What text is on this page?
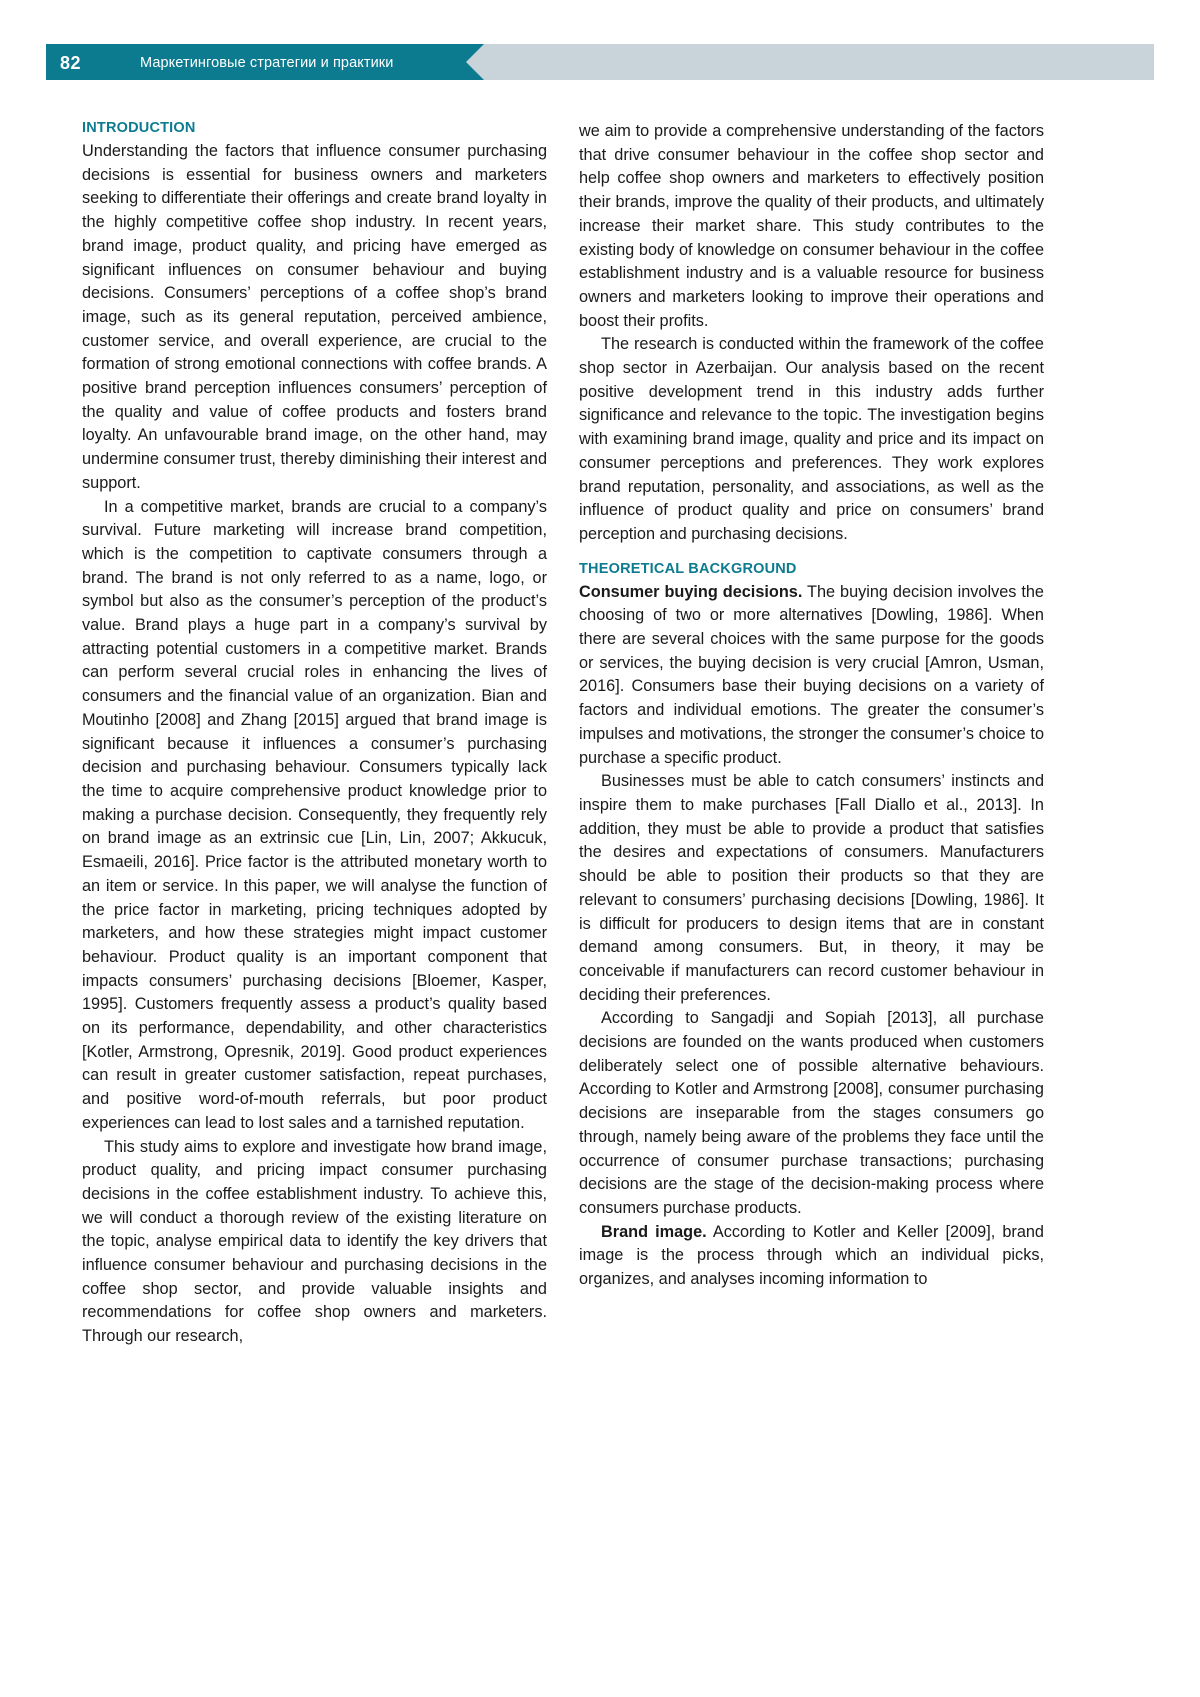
82	Маркетинговые стратегии и практики
INTRODUCTION

Understanding the factors that influence consumer purchasing decisions is essential for business owners and marketers seeking to differentiate their offerings and create brand loyalty in the highly competitive coffee shop industry. In recent years, brand image, product quality, and pricing have emerged as significant influences on consumer behaviour and buying decisions. Consumers’ perceptions of a coffee shop’s brand image, such as its general reputation, perceived ambience, customer service, and overall experience, are crucial to the formation of strong emotional connections with coffee brands. A positive brand perception influences consumers’ perception of the quality and value of coffee products and fosters brand loyalty. An unfavourable brand image, on the other hand, may undermine consumer trust, thereby diminishing their interest and support.

In a competitive market, brands are crucial to a company’s survival. Future marketing will increase brand competition, which is the competition to captivate consumers through a brand. The brand is not only referred to as a name, logo, or symbol but also as the consumer’s perception of the product’s value. Brand plays a huge part in a company’s survival by attracting potential customers in a competitive market. Brands can perform several crucial roles in enhancing the lives of consumers and the financial value of an organization. Bian and Moutinho [2008] and Zhang [2015] argued that brand image is significant because it influences a consumer’s purchasing decision and purchasing behaviour. Consumers typically lack the time to acquire comprehensive product knowledge prior to making a purchase decision. Consequently, they frequently rely on brand image as an extrinsic cue [Lin, Lin, 2007; Akkucuk, Esmaeili, 2016]. Price factor is the attributed monetary worth to an item or service. In this paper, we will analyse the function of the price factor in marketing, pricing techniques adopted by marketers, and how these strategies might impact customer behaviour. Product quality is an important component that impacts consumers’ purchasing decisions [Bloemer, Kasper, 1995]. Customers frequently assess a product’s quality based on its performance, dependability, and other characteristics [Kotler, Armstrong, Opresnik, 2019]. Good product experiences can result in greater customer satisfaction, repeat purchases, and positive word-of-mouth referrals, but poor product experiences can lead to lost sales and a tarnished reputation.

This study aims to explore and investigate how brand image, product quality, and pricing impact consumer purchasing decisions in the coffee establishment industry. To achieve this, we will conduct a thorough review of the existing literature on the topic, analyse empirical data to identify the key drivers that influence consumer behaviour and purchasing decisions in the coffee shop sector, and provide valuable insights and recommendations for coffee shop owners and marketers. Through our research,

we aim to provide a comprehensive understanding of the factors that drive consumer behaviour in the coffee shop sector and help coffee shop owners and marketers to effectively position their brands, improve the quality of their products, and ultimately increase their market share. This study contributes to the existing body of knowledge on consumer behaviour in the coffee establishment industry and is a valuable resource for business owners and marketers looking to improve their operations and boost their profits.

The research is conducted within the framework of the coffee shop sector in Azerbaijan. Our analysis based on the recent positive development trend in this industry adds further significance and relevance to the topic. The investigation begins with examining brand image, quality and price and its impact on consumer perceptions and preferences. They work explores brand reputation, personality, and associations, as well as the influence of product quality and price on consumers’ brand perception and purchasing decisions.

THEORETICAL BACKGROUND

Consumer buying decisions. The buying decision involves the choosing of two or more alternatives [Dowling, 1986]. When there are several choices with the same purpose for the goods or services, the buying decision is very crucial [Amron, Usman, 2016]. Consumers base their buying decisions on a variety of factors and individual emotions. The greater the consumer’s impulses and motivations, the stronger the consumer’s choice to purchase a specific product.

Businesses must be able to catch consumers’ instincts and inspire them to make purchases [Fall Diallo et al., 2013]. In addition, they must be able to provide a product that satisfies the desires and expectations of consumers. Manufacturers should be able to position their products so that they are relevant to consumers’ purchasing decisions [Dowling, 1986]. It is difficult for producers to design items that are in constant demand among consumers. But, in theory, it may be conceivable if manufacturers can record customer behaviour in deciding their preferences.

According to Sangadji and Sopiah [2013], all purchase decisions are founded on the wants produced when customers deliberately select one of possible alternative behaviours. According to Kotler and Armstrong [2008], consumer purchasing decisions are inseparable from the stages consumers go through, namely being aware of the problems they face until the occurrence of consumer purchase transactions; purchasing decisions are the stage of the decision-making process where consumers purchase products.

Brand image. According to Kotler and Keller [2009], brand image is the process through which an individual picks, organizes, and analyses incoming information to
